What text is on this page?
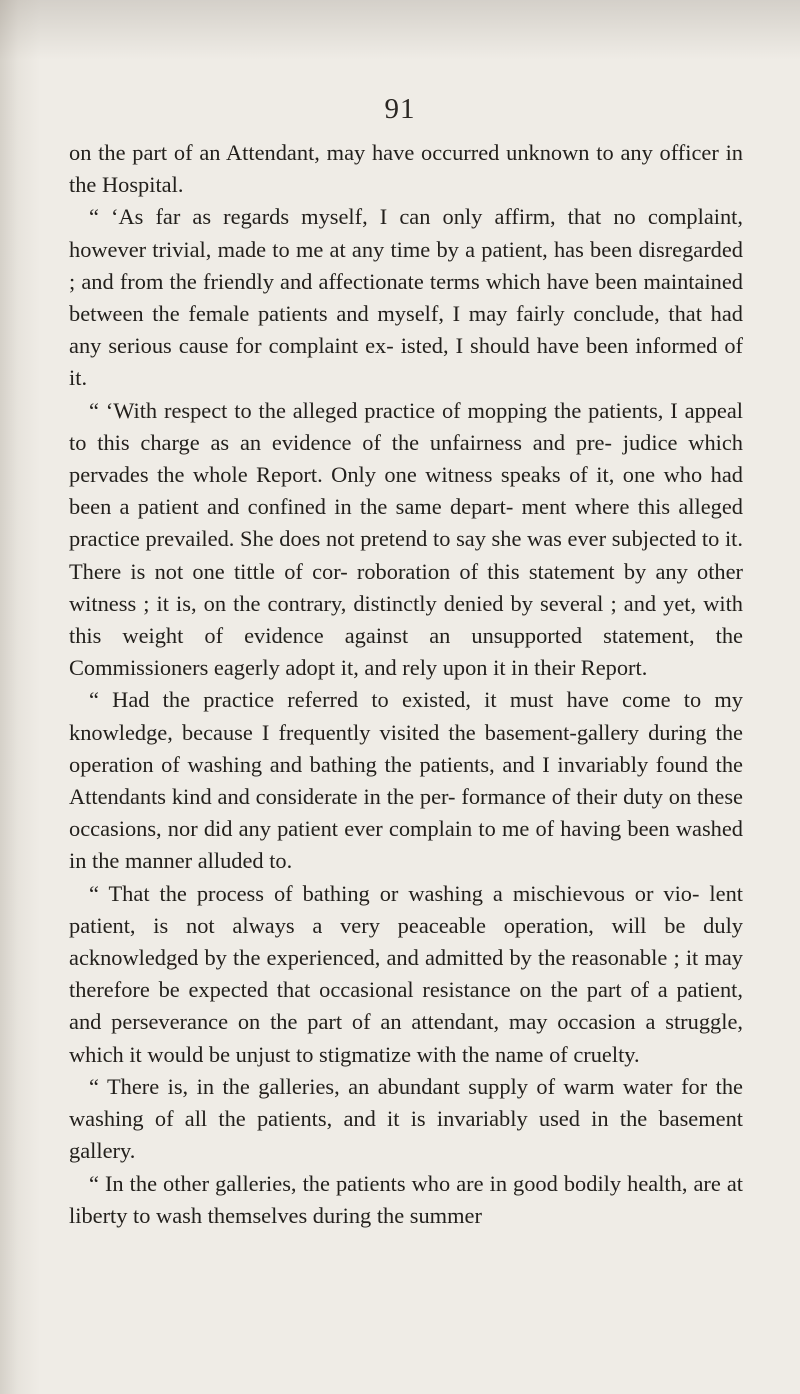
91

on the part of an Attendant, may have occurred unknown to any officer in the Hospital.

“ ‘As far as regards myself, I can only affirm, that no complaint, however trivial, made to me at any time by a patient, has been disregarded ; and from the friendly and affectionate terms which have been maintained between the female patients and myself, I may fairly conclude, that had any serious cause for complaint ex- isted, I should have been informed of it.

“ ‘With respect to the alleged practice of mopping the patients, I appeal to this charge as an evidence of the unfairness and pre- judice which pervades the whole Report. Only one witness speaks of it, one who had been a patient and confined in the same depart- ment where this alleged practice prevailed. She does not pretend to say she was ever subjected to it. There is not one tittle of cor- roboration of this statement by any other witness ; it is, on the contrary, distinctly denied by several ; and yet, with this weight of evidence against an unsupported statement, the Commissioners eagerly adopt it, and rely upon it in their Report.

“ Had the practice referred to existed, it must have come to my knowledge, because I frequently visited the basement-gallery during the operation of washing and bathing the patients, and I invariably found the Attendants kind and considerate in the per- formance of their duty on these occasions, nor did any patient ever complain to me of having been washed in the manner alluded to.

“ That the process of bathing or washing a mischievous or vio- lent patient, is not always a very peaceable operation, will be duly acknowledged by the experienced, and admitted by the reasonable ; it may therefore be expected that occasional resistance on the part of a patient, and perseverance on the part of an attendant, may occasion a struggle, which it would be unjust to stigmatize with the name of cruelty.

“ There is, in the galleries, an abundant supply of warm water for the washing of all the patients, and it is invariably used in the basement gallery.

“ In the other galleries, the patients who are in good bodily health, are at liberty to wash themselves during the summer
